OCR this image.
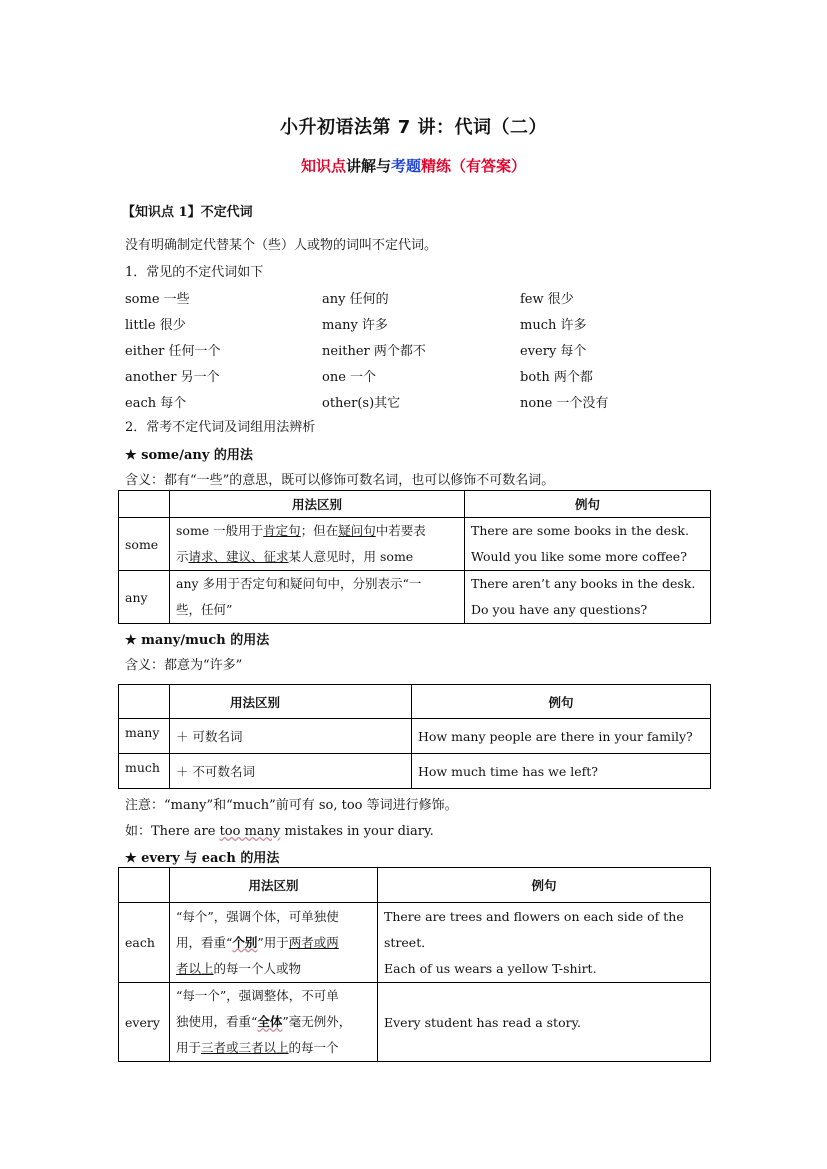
小升初语法第 7 讲：代词（二）
知识点讲解与考题精练（有答案）
【知识点 1】不定代词
没有明确制定代替某个（些）人或物的词叫不定代词。
1．常见的不定代词如下
some 一些	any 任何的	few 很少
little 很少	many 许多	much 许多
either 任何一个	neither 两个都不	every 每个
another 另一个	one 一个	both 两个都
each 每个	other(s)其它	none 一个没有
2．常考不定代词及词组用法辨析
★ some/any 的用法
含义：都有“一些”的意思，既可以修饰可数名词，也可以修饰不可数名词。
	用法区别	例句
some	some 一般用于肯定句；但在疑问句中若要表
示请求、建议、征求某人意见时，用 some	There are some books in the desk.
Would you like some more coffee?
any	any 多用于否定句和疑问句中，分别表示“一
些，任何”	There aren’t any books in the desk.
Do you have any questions?
★ many/much 的用法
含义：都意为“许多”
	用法区别	例句
many	＋ 可数名词	How many people are there in your family?
much	＋ 不可数名词	How much time has we left?
注意：“many”和“much”前可有 so, too 等词进行修饰。
如：There are too many mistakes in your diary.
★ every 与 each 的用法
	用法区别	例句
each	“每个”，强调个体，可单独使
用，看重“个别”用于两者或两
者以上的每一个人或物	There are trees and flowers on each side of the street．
Each of us wears a yellow T-shirt.
every	“每一个”，强调整体，不可单
独使用，看重“全体”毫无例外，
用于三者或三者以上的每一个	Every student has read a story.
